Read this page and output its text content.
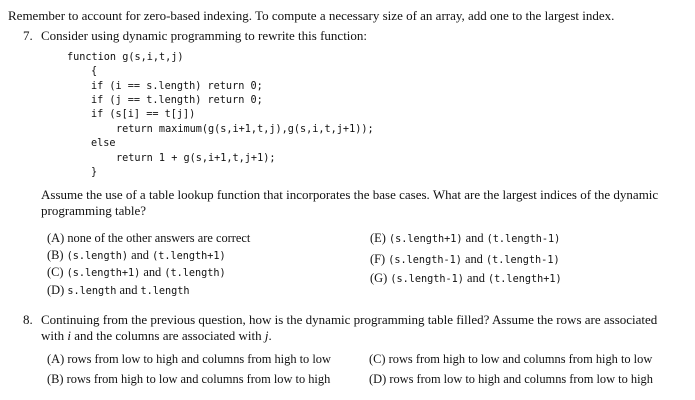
Remember to account for zero-based indexing. To compute a necessary size of an array, add one to the largest index.
7. Consider using dynamic programming to rewrite this function:
function g(s,i,t,j)
{
if (i == s.length) return 0;
if (j == t.length) return 0;
if (s[i] == t[j])
return maximum(g(s,i+1,t,j),g(s,i,t,j+1));
else
return 1 + g(s,i+1,t,j+1);
}
Assume the use of a table lookup function that incorporates the base cases. What are the largest indices of the dynamic
programming table?
(A) none of the other answers are correct
(B) (s.length) and (t.length+1)
(C) (s.length+1) and (t.length)
(D) s.length and t.length
(E) (s.length+1) and (t.length-1)
(F) (s.length-1) and (t.length-1)
(G) (s.length-1) and (t.length+1)
8. Continuing from the previous question, how is the dynamic programming table filled? Assume the rows are associated
with i and the columns are associated with j.
(A) rows from low to high and columns from high to low
(B) rows from high to low and columns from low to high
(C) rows from high to low and columns from high to low
(D) rows from low to high and columns from low to high
